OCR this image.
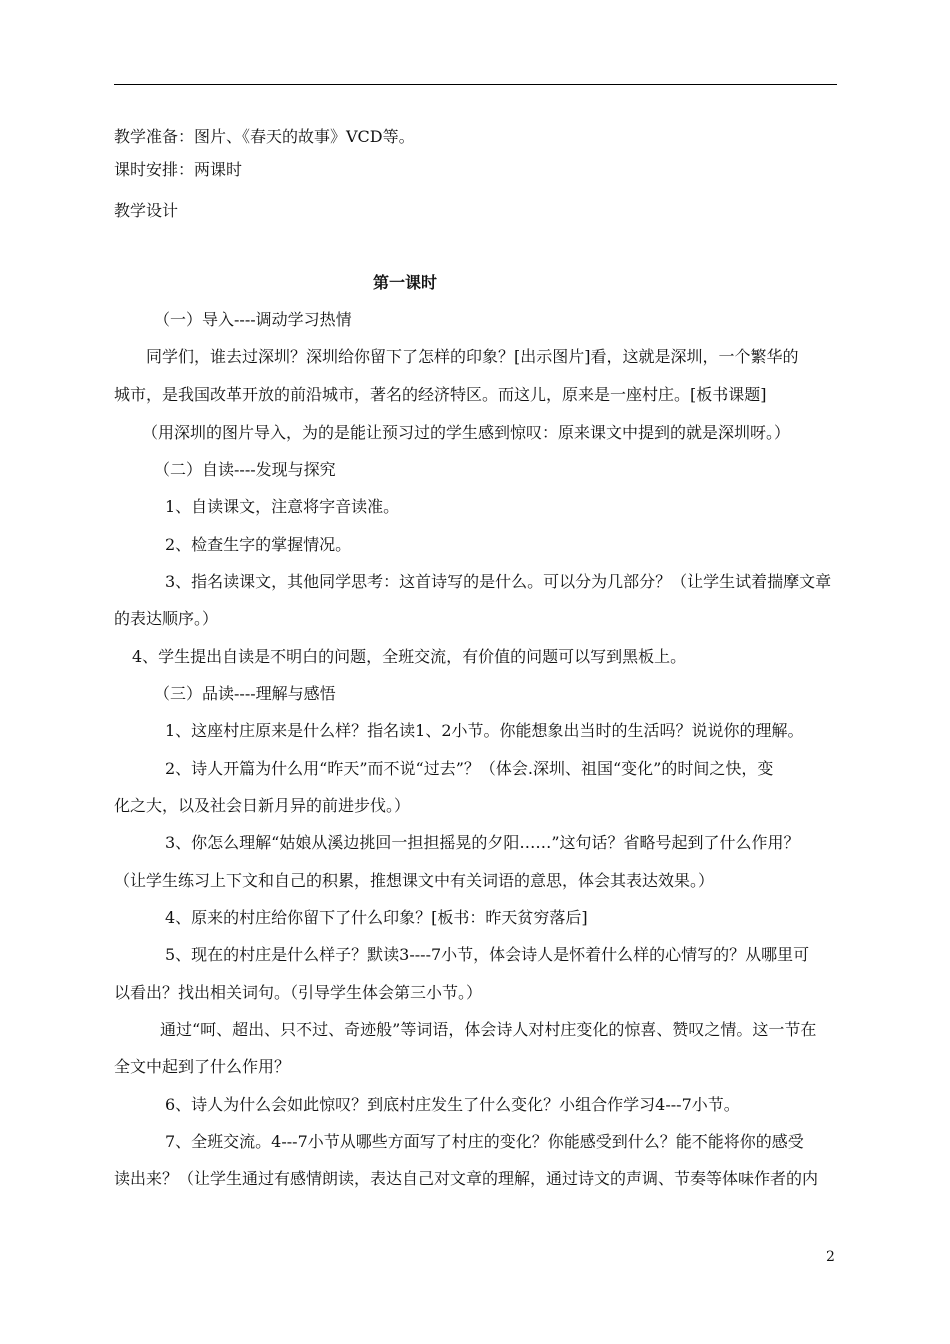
教学准备：图片、《春天的故事》VCD等。
课时安排：两课时
教学设计
第一课时
（一）导入----调动学习热情
同学们，谁去过深圳？深圳给你留下了怎样的印象？[出示图片]看，这就是深圳，一个繁华的
城市，是我国改革开放的前沿城市，著名的经济特区。而这儿，原来是一座村庄。[板书课题]
（用深圳的图片导入，为的是能让预习过的学生感到惊叹：原来课文中提到的就是深圳呀。）
（二）自读----发现与探究
1、自读课文，注意将字音读准。
2、检查生字的掌握情况。
3、指名读课文，其他同学思考：这首诗写的是什么。可以分为几部分？（让学生试着揣摩文章
的表达顺序。）
4、学生提出自读是不明白的问题，全班交流，有价值的问题可以写到黑板上。
（三）品读----理解与感悟
1、这座村庄原来是什么样？指名读1、2小节。你能想象出当时的生活吗？说说你的理解。
2、诗人开篇为什么用“昨天”而不说“过去”？（体会.深圳、祖国“变化”的时间之快，变
化之大，以及社会日新月异的前进步伐。）
3、你怎么理解“姑娘从溪边挑回一担担摇晃的夕阳……”这句话？省略号起到了什么作用？
（让学生练习上下文和自己的积累，推想课文中有关词语的意思，体会其表达效果。）
4、原来的村庄给你留下了什么印象？[板书：昨天贫穷落后]
5、现在的村庄是什么样子？默读3----7小节，体会诗人是怀着什么样的心情写的？从哪里可
以看出？找出相关词句。（引导学生体会第三小节。）
通过“呵、超出、只不过、奇迹般”等词语，体会诗人对村庄变化的惊喜、赞叹之情。这一节在
全文中起到了什么作用？
6、诗人为什么会如此惊叹？到底村庄发生了什么变化？小组合作学习4---7小节。
7、全班交流。4---7小节从哪些方面写了村庄的变化？你能感受到什么？能不能将你的感受
读出来？（让学生通过有感情朗读，表达自己对文章的理解，通过诗文的声调、节奏等体味作者的内
2
